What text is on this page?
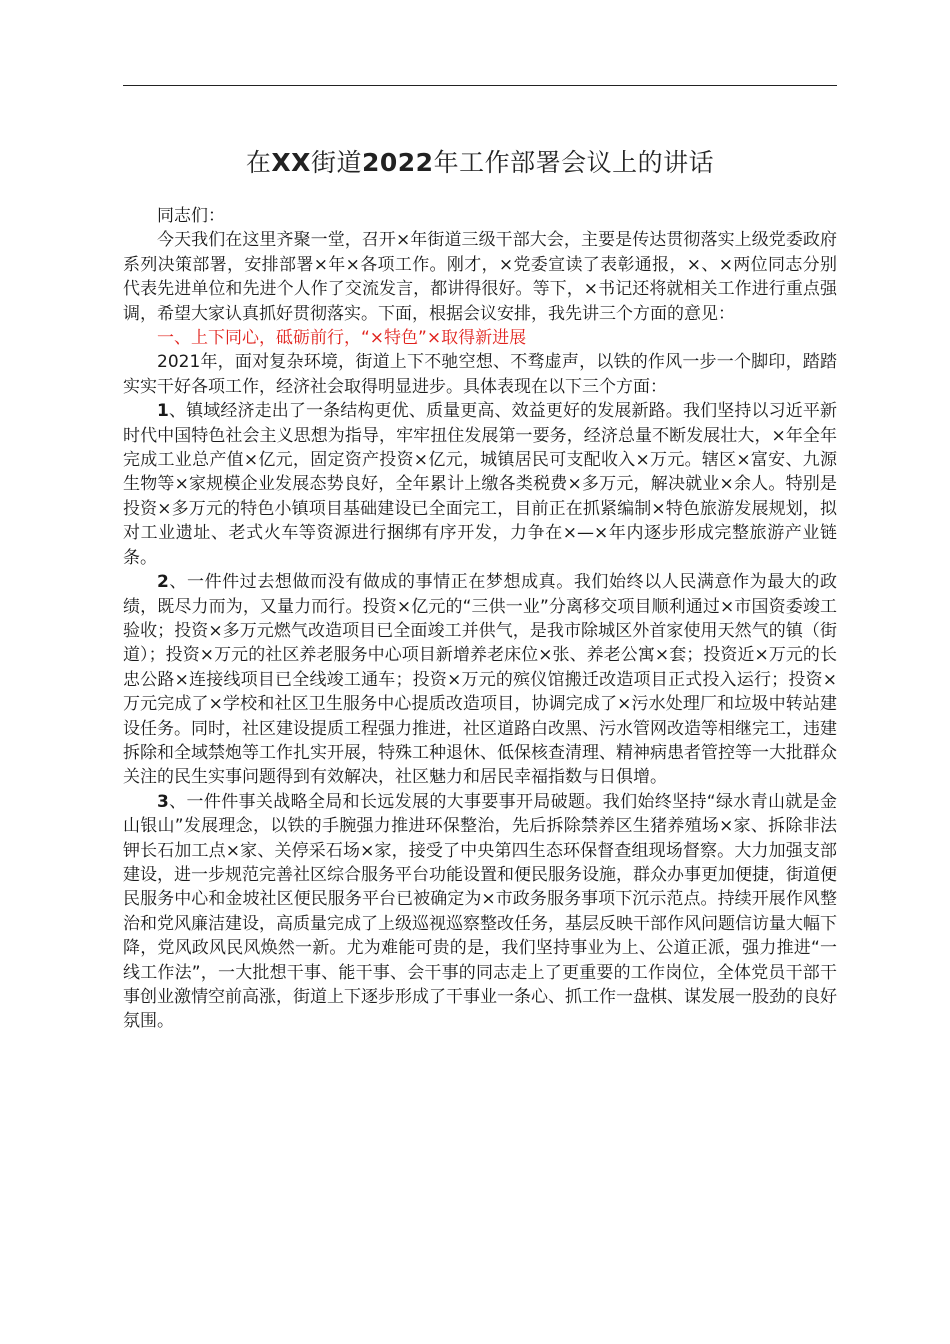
在XX街道2022年工作部署会议上的讲话

同志们：

今天我们在这里齐聚一堂，召开×年街道三级干部大会，主要是传达贯彻落实上级党委政府系列决策部署，安排部署×年×各项工作。刚才，×党委宣读了表彰通报，×、×两位同志分别代表先进单位和先进个人作了交流发言，都讲得很好。等下，×书记还将就相关工作进行重点强调，希望大家认真抓好贯彻落实。下面，根据会议安排，我先讲三个方面的意见：

一、上下同心，砥砺前行，“×特色”×取得新进展

2021年，面对复杂环境，街道上下不驰空想、不骛虚声，以铁的作风一步一个脚印，踏踏实实干好各项工作，经济社会取得明显进步。具体表现在以下三个方面：

1、镇域经济走出了一条结构更优、质量更高、效益更好的发展新路。我们坚持以习近平新时代中国特色社会主义思想为指导，牢牢扭住发展第一要务，经济总量不断发展壮大，×年全年完成工业总产值×亿元，固定资产投资×亿元，城镇居民可支配收入×万元。辖区×富安、九源生物等×家规模企业发展态势良好，全年累计上缴各类税费×多万元，解决就业×余人。特别是投资×多万元的特色小镇项目基础建设已全面完工，目前正在抓紧编制×特色旅游发展规划，拟对工业遗址、老式火车等资源进行捆绑有序开发，力争在×—×年内逐步形成完整旅游产业链条。

2、一件件过去想做而没有做成的事情正在梦想成真。我们始终以人民满意作为最大的政绩，既尽力而为，又量力而行。投资×亿元的“三供一业”分离移交项目顺利通过×市国资委竣工验收；投资×多万元燃气改造项目已全面竣工并供气，是我市除城区外首家使用天然气的镇（街道）；投资×万元的社区养老服务中心项目新增养老床位×张、养老公寓×套；投资近×万元的长忠公路×连接线项目已全线竣工通车；投资×万元的殡仪馆搬迁改造项目正式投入运行；投资×万元完成了×学校和社区卫生服务中心提质改造项目，协调完成了×污水处理厂和垃圾中转站建设任务。同时，社区建设提质工程强力推进，社区道路白改黑、污水管网改造等相继完工，违建拆除和全域禁炮等工作扎实开展，特殊工种退休、低保核查清理、精神病患者管控等一大批群众关注的民生实事问题得到有效解决，社区魅力和居民幸福指数与日俱增。

3、一件件事关战略全局和长远发展的大事要事开局破题。我们始终坚持“绿水青山就是金山银山”发展理念，以铁的手腕强力推进环保整治，先后拆除禁养区生猪养殖场×家、拆除非法钾长石加工点×家、关停采石场×家，接受了中央第四生态环保督查组现场督察。大力加强支部建设，进一步规范完善社区综合服务平台功能设置和便民服务设施，群众办事更加便捷，街道便民服务中心和金坡社区便民服务平台已被确定为×市政务服务事项下沉示范点。持续开展作风整治和党风廉洁建设，高质量完成了上级巡视巡察整改任务，基层反映干部作风问题信访量大幅下降，党风政风民风焕然一新。尤为难能可贵的是，我们坚持事业为上、公道正派，强力推进“一线工作法”，一大批想干事、能干事、会干事的同志走上了更重要的工作岗位，全体党员干部干事创业激情空前高涨，街道上下逐步形成了干事业一条心、抓工作一盘棋、谋发展一股劲的良好氛围。
